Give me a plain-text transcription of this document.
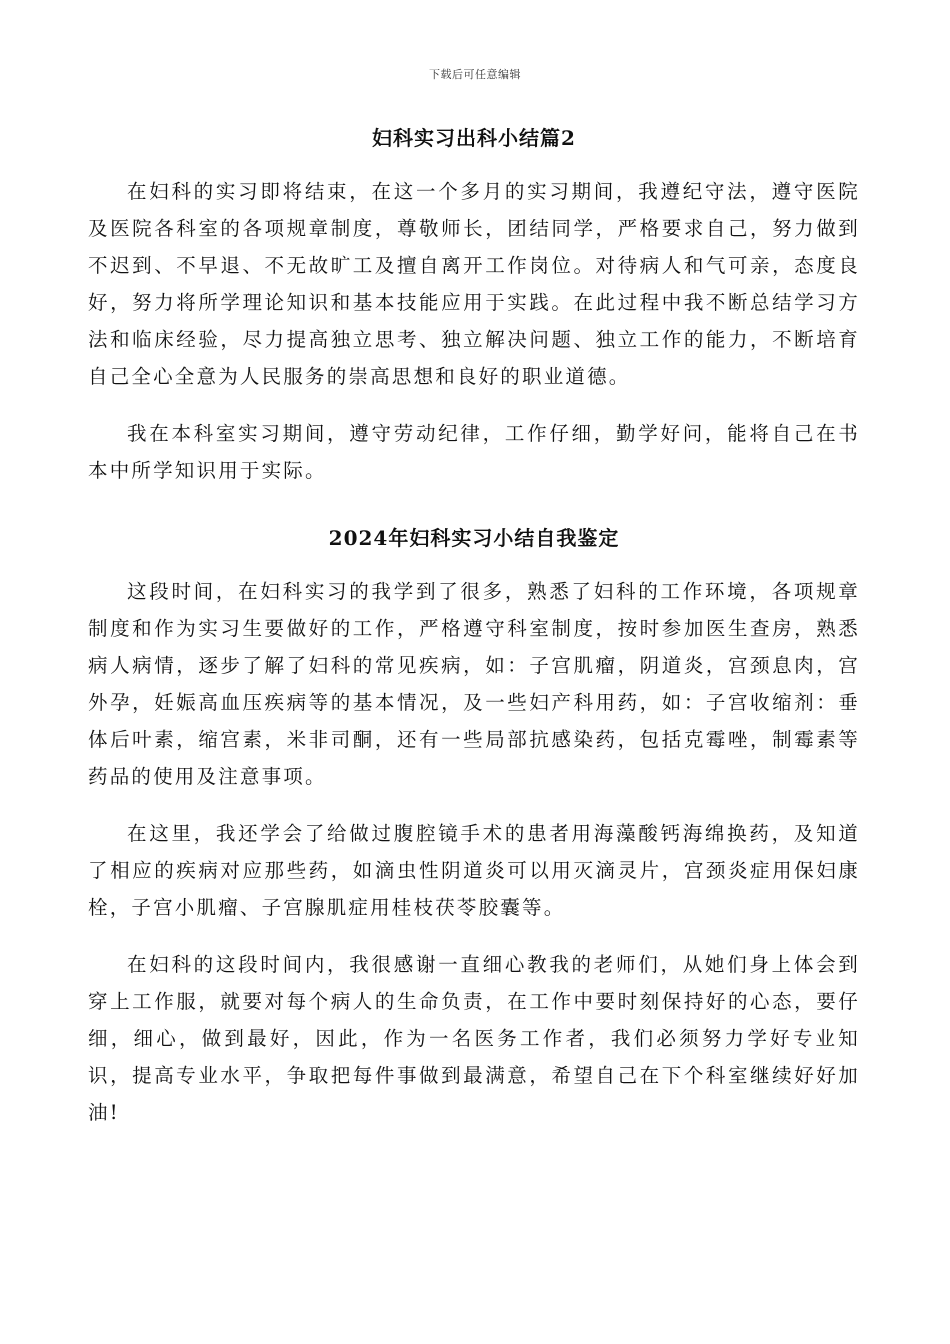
下载后可任意编辑
妇科实习出科小结篇2

在妇科的实习即将结束，在这一个多月的实习期间，我遵纪守法，遵守医院及医院各科室的各项规章制度，尊敬师长，团结同学，严格要求自己，努力做到不迟到、不早退、不无故旷工及擅自离开工作岗位。对待病人和气可亲，态度良好，努力将所学理论知识和基本技能应用于实践。在此过程中我不断总结学习方法和临床经验，尽力提高独立思考、独立解决问题、独立工作的能力，不断培育自己全心全意为人民服务的崇高思想和良好的职业道德。

我在本科室实习期间，遵守劳动纪律，工作仔细，勤学好问，能将自己在书本中所学知识用于实际。

2024年妇科实习小结自我鉴定

这段时间，在妇科实习的我学到了很多，熟悉了妇科的工作环境，各项规章制度和作为实习生要做好的工作，严格遵守科室制度，按时参加医生查房，熟悉病人病情，逐步了解了妇科的常见疾病，如：子宫肌瘤，阴道炎，宫颈息肉，宫外孕，妊娠高血压疾病等的基本情况，及一些妇产科用药，如：子宫收缩剂：垂体后叶素，缩宫素，米非司酮，还有一些局部抗感染药，包括克霉唑，制霉素等药品的使用及注意事项。

在这里，我还学会了给做过腹腔镜手术的患者用海藻酸钙海绵换药，及知道了相应的疾病对应那些药，如滴虫性阴道炎可以用灭滴灵片，宫颈炎症用保妇康栓，子宫小肌瘤、子宫腺肌症用桂枝茯苓胶囊等。

在妇科的这段时间内，我很感谢一直细心教我的老师们，从她们身上体会到穿上工作服，就要对每个病人的生命负责，在工作中要时刻保持好的心态，要仔细，细心，做到最好，因此，作为一名医务工作者，我们必须努力学好专业知识，提高专业水平，争取把每件事做到最满意，希望自己在下个科室继续好好加油!
